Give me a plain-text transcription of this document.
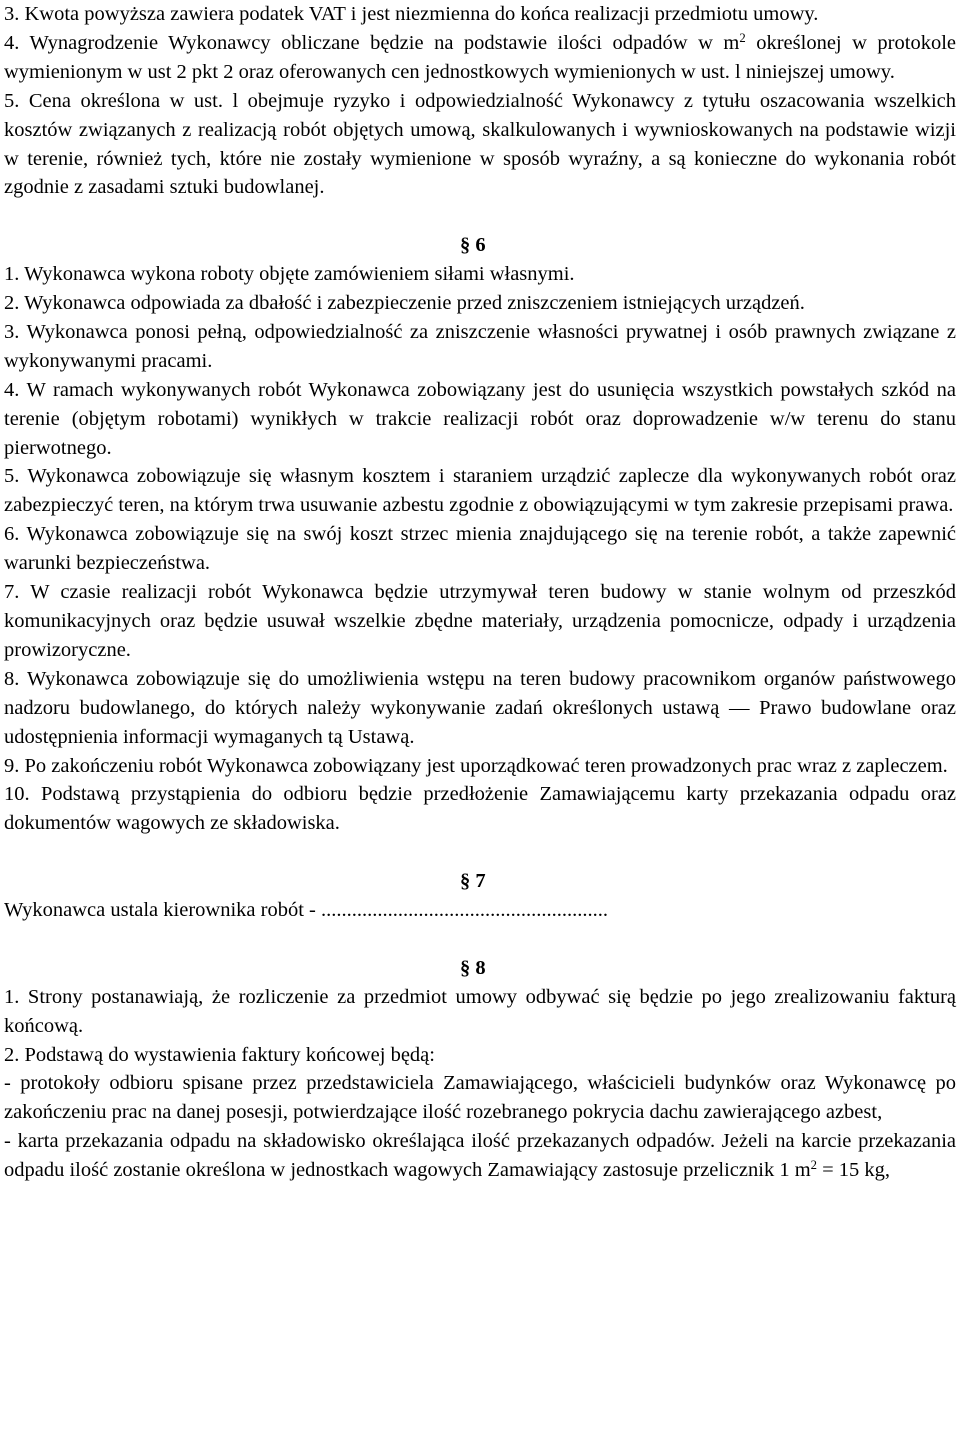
3. Kwota powyższa zawiera podatek VAT i jest niezmienna do końca realizacji przedmiotu umowy.

4. Wynagrodzenie Wykonawcy obliczane będzie na podstawie ilości odpadów w $m^2$ określonej w protokole wymienionym w ust 2 pkt 2 oraz oferowanych cen jednostkowych wymienionych w ust. l niniejszej umowy.

5. Cena określona w ust. l obejmuje ryzyko i odpowiedzialność Wykonawcy z tytułu oszacowania wszelkich kosztów związanych z realizacją robót objętych umową, skalkulowanych i wywnioskowanych na podstawie wizji w terenie, również tych, które nie zostały wymienione w sposób wyraźny, a są konieczne do wykonania robót zgodnie z zasadami sztuki budowlanej.

§ 6

1. Wykonawca wykona roboty objęte zamówieniem siłami własnymi.

2. Wykonawca odpowiada za dbałość i zabezpieczenie przed zniszczeniem istniejących urządzeń.

3. Wykonawca ponosi pełną, odpowiedzialność za zniszczenie własności prywatnej i osób prawnych związane z wykonywanymi pracami.

4. W ramach wykonywanych robót Wykonawca zobowiązany jest do usunięcia wszystkich powstałych szkód na terenie (objętym robotami) wynikłych w trakcie realizacji robót oraz doprowadzenie w/w terenu do stanu pierwotnego.

5. Wykonawca zobowiązuje się własnym kosztem i staraniem urządzić zaplecze dla wykonywanych robót oraz zabezpieczyć teren, na którym trwa usuwanie azbestu zgodnie z obowiązującymi w tym zakresie przepisami prawa.

6. Wykonawca zobowiązuje się na swój koszt strzec mienia znajdującego się na terenie robót, a także zapewnić warunki bezpieczeństwa.

7. W czasie realizacji robót Wykonawca będzie utrzymywał teren budowy w stanie wolnym od przeszkód komunikacyjnych oraz będzie usuwał wszelkie zbędne materiały, urządzenia pomocnicze, odpady i urządzenia prowizoryczne.

8. Wykonawca zobowiązuje się do umożliwienia wstępu na teren budowy pracownikom organów państwowego nadzoru budowlanego, do których należy wykonywanie zadań określonych ustawą — Prawo budowlane oraz udostępnienia informacji wymaganych tą Ustawą.

9. Po zakończeniu robót Wykonawca zobowiązany jest uporządkować teren prowadzonych prac wraz z zapleczem.

10. Podstawą przystąpienia do odbioru będzie przedłożenie Zamawiającemu karty przekazania odpadu oraz dokumentów wagowych ze składowiska.

§ 7

Wykonawca ustala kierownika robót - ........................................................

§ 8

1. Strony postanawiają, że rozliczenie za przedmiot umowy odbywać się będzie po jego zrealizowaniu fakturą końcową.

2. Podstawą do wystawienia faktury końcowej będą:

- protokoły odbioru spisane przez przedstawiciela Zamawiającego, właścicieli budynków oraz Wykonawcę po zakończeniu prac na danej posesji, potwierdzające ilość rozebranego pokrycia dachu zawierającego azbest,

- karta przekazania odpadu na składowisko określająca ilość przekazanych odpadów. Jeżeli na karcie przekazania odpadu ilość zostanie określona w jednostkach wagowych Zamawiający zastosuje przelicznik 1 $m^2 = 15$ kg,
